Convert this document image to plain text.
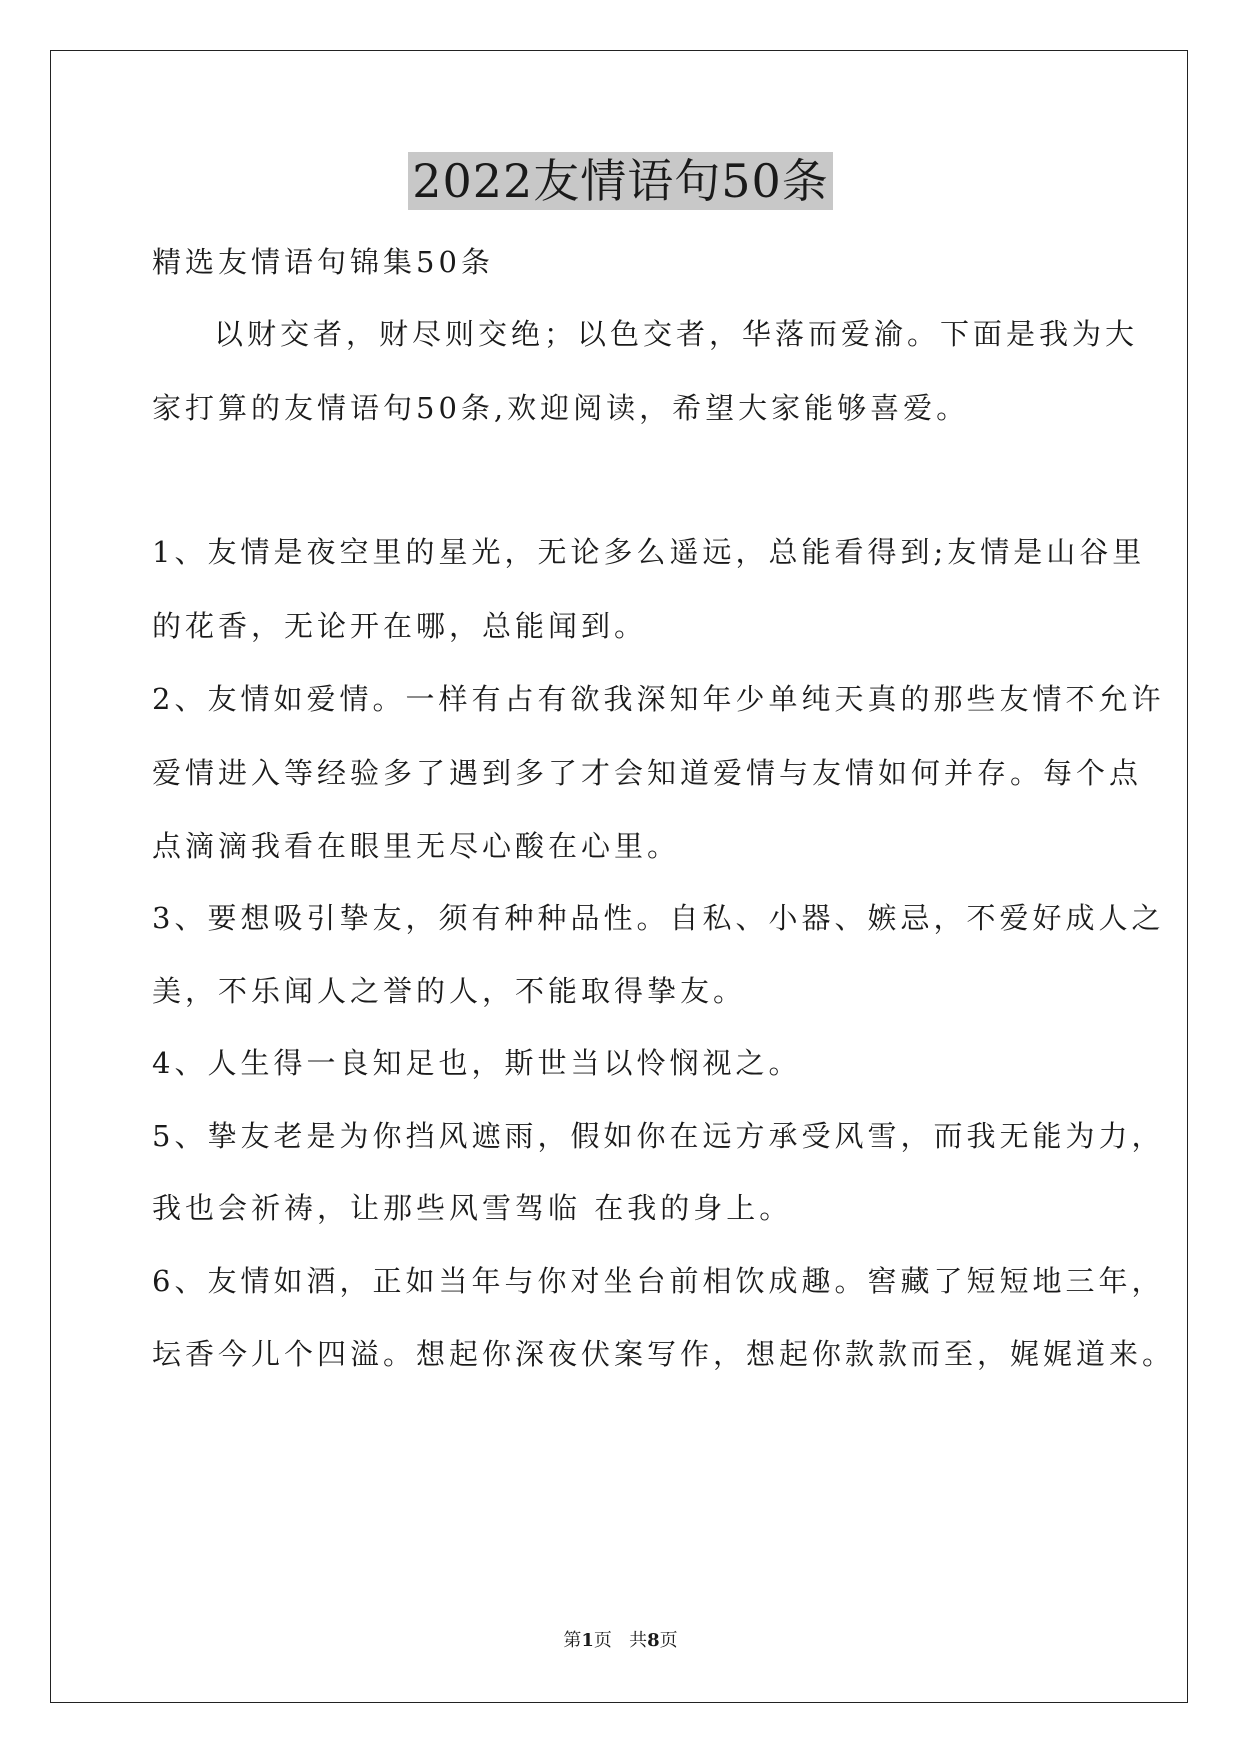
2022友情语句50条
精选友情语句锦集50条
以财交者，财尽则交绝；以色交者，华落而爱渝。下面是我为大
家打算的友情语句50条,欢迎阅读，希望大家能够喜爱。
1、友情是夜空里的星光，无论多么遥远，总能看得到;友情是山谷里
的花香，无论开在哪，总能闻到。
2、友情如爱情。一样有占有欲我深知年少单纯天真的那些友情不允许
爱情进入等经验多了遇到多了才会知道爱情与友情如何并存。每个点
点滴滴我看在眼里无尽心酸在心里。
3、要想吸引挚友，须有种种品性。自私、小器、嫉忌，不爱好成人之
美，不乐闻人之誉的人，不能取得挚友。
4、人生得一良知足也，斯世当以怜悯视之。
5、挚友老是为你挡风遮雨，假如你在远方承受风雪，而我无能为力，
我也会祈祷，让那些风雪驾临 在我的身上。
6、友情如酒，正如当年与你对坐台前相饮成趣。窖藏了短短地三年，
坛香今儿个四溢。想起你深夜伏案写作，想起你款款而至，娓娓道来。
第1页   共8页
